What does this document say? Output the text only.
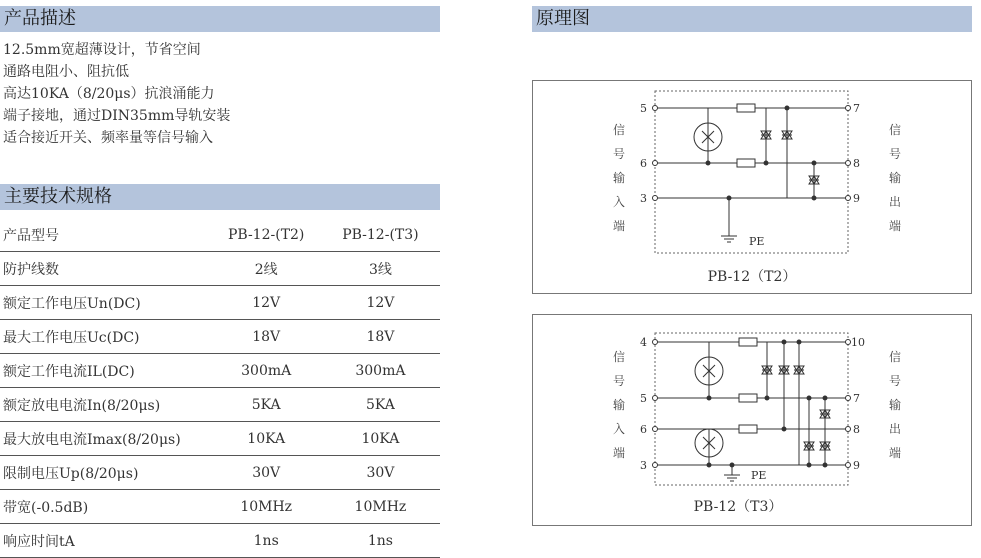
产品描述
12.5mm宽超薄设计，节省空间
通路电阻小、阻抗低
高达10KA（8/20μs）抗浪涌能力
端子接地，通过DIN35mm导轨安装
适合接近开关、频率量等信号输入
主要技术规格
产品型号	PB-12-(T2)	PB-12-(T3)
防护线数	2线	3线
额定工作电压Un(DC)	12V	12V
最大工作电压Uc(DC)	18V	18V
额定工作电流IL(DC)	300mA	300mA
额定放电电流In(8/20μs)	5KA	5KA
最大放电电流Imax(8/20μs)	10KA	10KA
限制电压Up(8/20μs)	30V	30V
带宽(-0.5dB)	10MHz	10MHz
响应时间tA	1ns	1ns
原理图
信
号
输
入
端
信
号
输
出
端
5
6
3
7
8
9
PE
PB-12（T2）
信
号
输
入
端
信
号
输
出
端
4
5
6
3
10
7
8
9
PE
PB-12（T3）
